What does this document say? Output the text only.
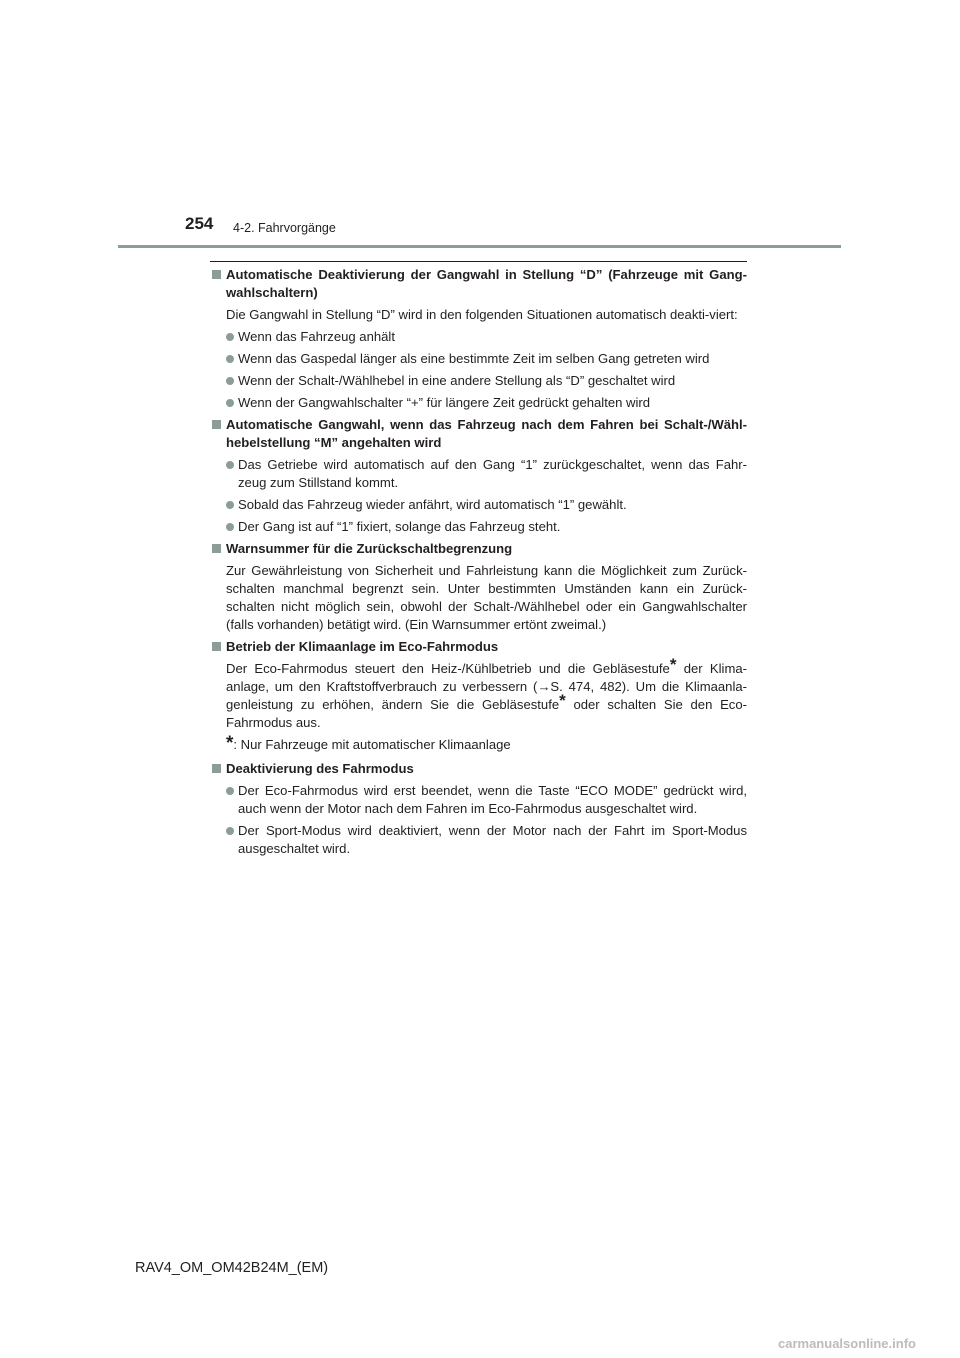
254 4-2. Fahrvorgänge
Automatische Deaktivierung der Gangwahl in Stellung “D” (Fahrzeuge mit Gang-wahlschaltern)
Die Gangwahl in Stellung “D” wird in den folgenden Situationen automatisch deakti-viert:
Wenn das Fahrzeug anhält
Wenn das Gaspedal länger als eine bestimmte Zeit im selben Gang getreten wird
Wenn der Schalt-/Wählhebel in eine andere Stellung als “D” geschaltet wird
Wenn der Gangwahlschalter “+” für längere Zeit gedrückt gehalten wird
Automatische Gangwahl, wenn das Fahrzeug nach dem Fahren bei Schalt-/Wähl-hebelstellung “M” angehalten wird
Das Getriebe wird automatisch auf den Gang “1” zurückgeschaltet, wenn das Fahr-zeug zum Stillstand kommt.
Sobald das Fahrzeug wieder anfährt, wird automatisch “1” gewählt.
Der Gang ist auf “1” fixiert, solange das Fahrzeug steht.
Warnsummer für die Zurückschaltbegrenzung
Zur Gewährleistung von Sicherheit und Fahrleistung kann die Möglichkeit zum Zurück-schalten manchmal begrenzt sein. Unter bestimmten Umständen kann ein Zurück-schalten nicht möglich sein, obwohl der Schalt-/Wählhebel oder ein Gangwahlschalter (falls vorhanden) betätigt wird. (Ein Warnsummer ertönt zweimal.)
Betrieb der Klimaanlage im Eco-Fahrmodus
Der Eco-Fahrmodus steuert den Heiz-/Kühlbetrieb und die Gebläsestufe* der Klima-anlage, um den Kraftstoffverbrauch zu verbessern (→S. 474, 482). Um die Klimaanla-genleistung zu erhöhen, ändern Sie die Gebläsestufe* oder schalten Sie den Eco-Fahrmodus aus.
*: Nur Fahrzeuge mit automatischer Klimaanlage
Deaktivierung des Fahrmodus
Der Eco-Fahrmodus wird erst beendet, wenn die Taste “ECO MODE” gedrückt wird, auch wenn der Motor nach dem Fahren im Eco-Fahrmodus ausgeschaltet wird.
Der Sport-Modus wird deaktiviert, wenn der Motor nach der Fahrt im Sport-Modus ausgeschaltet wird.
RAV4_OM_OM42B24M_(EM)
carmanualsonline.info
